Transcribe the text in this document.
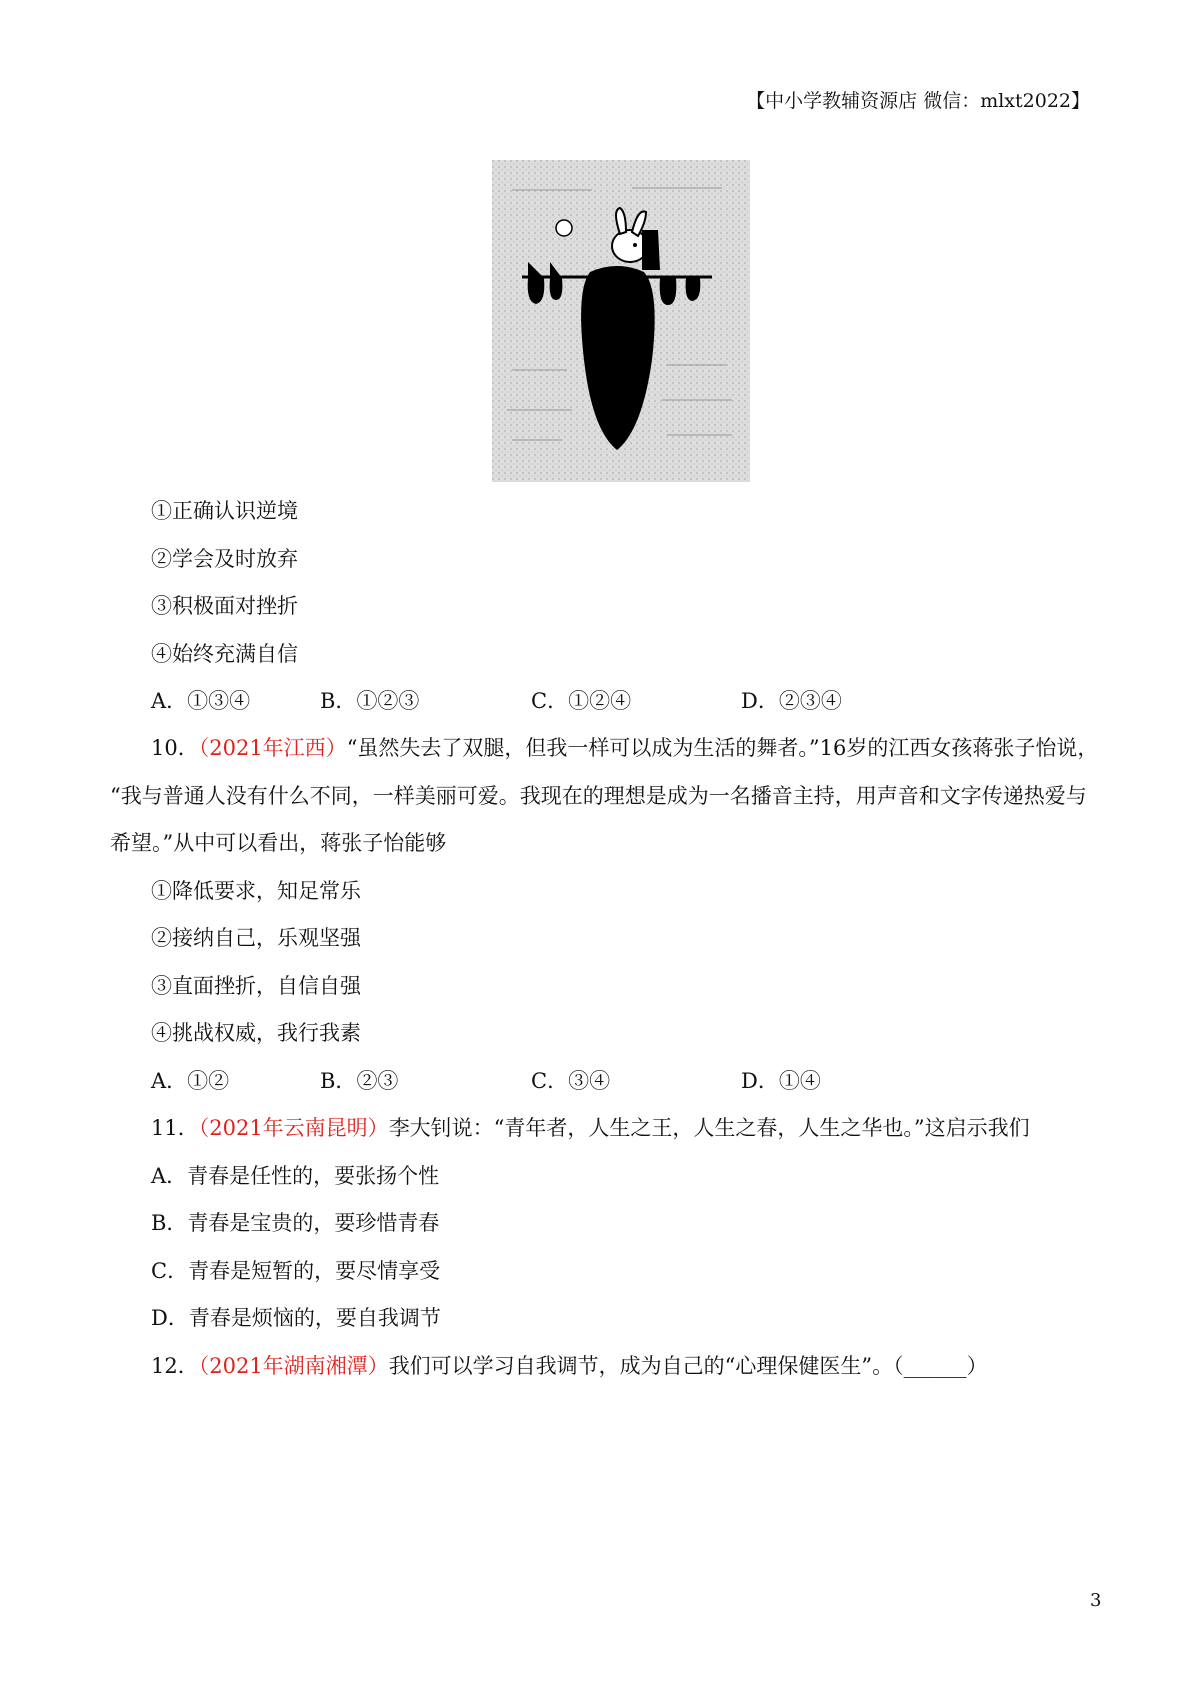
【中小学教辅资源店 微信：mlxt2022】
①正确认识逆境
②学会及时放弃
③积极面对挫折
④始终充满自信
A．①③④	B．①②③	C．①②④	D．②③④
10．（2021年江西）“虽然失去了双腿，但我一样可以成为生活的舞者。”16岁的江西女孩蒋张子怡说，
“我与普通人没有什么不同，一样美丽可爱。我现在的理想是成为一名播音主持，用声音和文字传递热爱与
希望。”从中可以看出，蒋张子怡能够
①降低要求，知足常乐
②接纳自己，乐观坚强
③直面挫折，自信自强
④挑战权威，我行我素
A．①②	B．②③	C．③④	D．①④
11．（2021年云南昆明）李大钊说：“青年者，人生之王，人生之春，人生之华也。”这启示我们
A．青春是任性的，要张扬个性
B．青春是宝贵的，要珍惜青春
C．青春是短暂的，要尽情享受
D．青春是烦恼的，要自我调节
12．（2021年湖南湘潭）我们可以学习自我调节，成为自己的“心理保健医生”。（______）
3
